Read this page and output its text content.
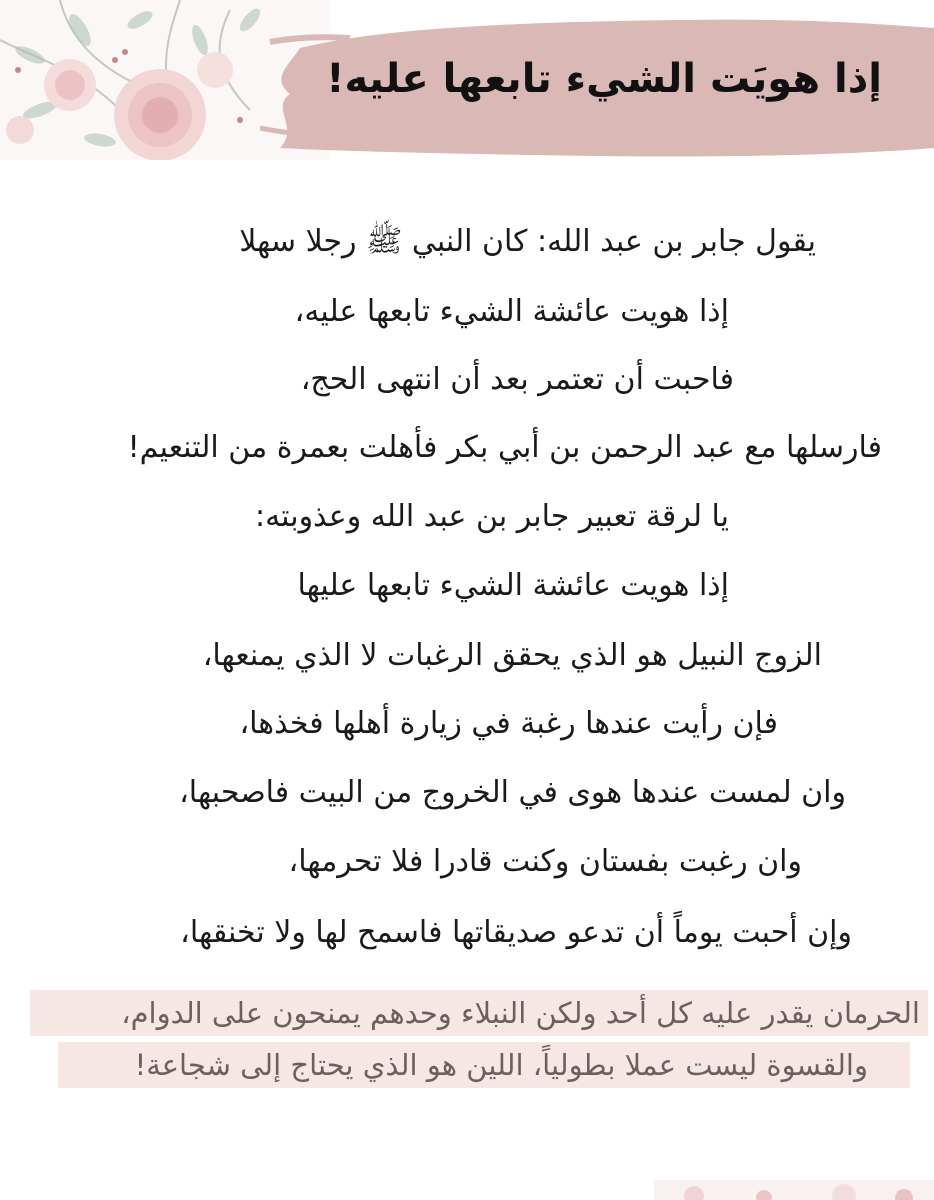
إذا هويَت الشيء تابعها عليه!
يقول جابر بن عبد الله: كان النبي ﷺ رجلا سهلا
إذا هويت عائشة الشيء تابعها عليه،
فاحبت أن تعتمر بعد أن انتهى الحج،
فارسلها مع عبد الرحمن بن أبي بكر فأهلت بعمرة من التنعيم!
يا لرقة تعبير جابر بن عبد الله وعذوبته:
إذا هويت عائشة الشيء تابعها عليها
الزوج النبيل هو الذي يحقق الرغبات لا الذي يمنعها،
فإن رأيت عندها رغبة في زيارة أهلها فخذها،
وان لمست عندها هوى في الخروج من البيت فاصحبها،
وان رغبت بفستان وكنت قادرا فلا تحرمها،
وإن أحبت يوماً أن تدعو صديقاتها فاسمح لها ولا تخنقها،
الحرمان يقدر عليه كل أحد ولكن النبلاء وحدهم يمنحون على الدوام،
والقسوة ليست عملا بطولياً، اللين هو الذي يحتاج إلى شجاعة!
